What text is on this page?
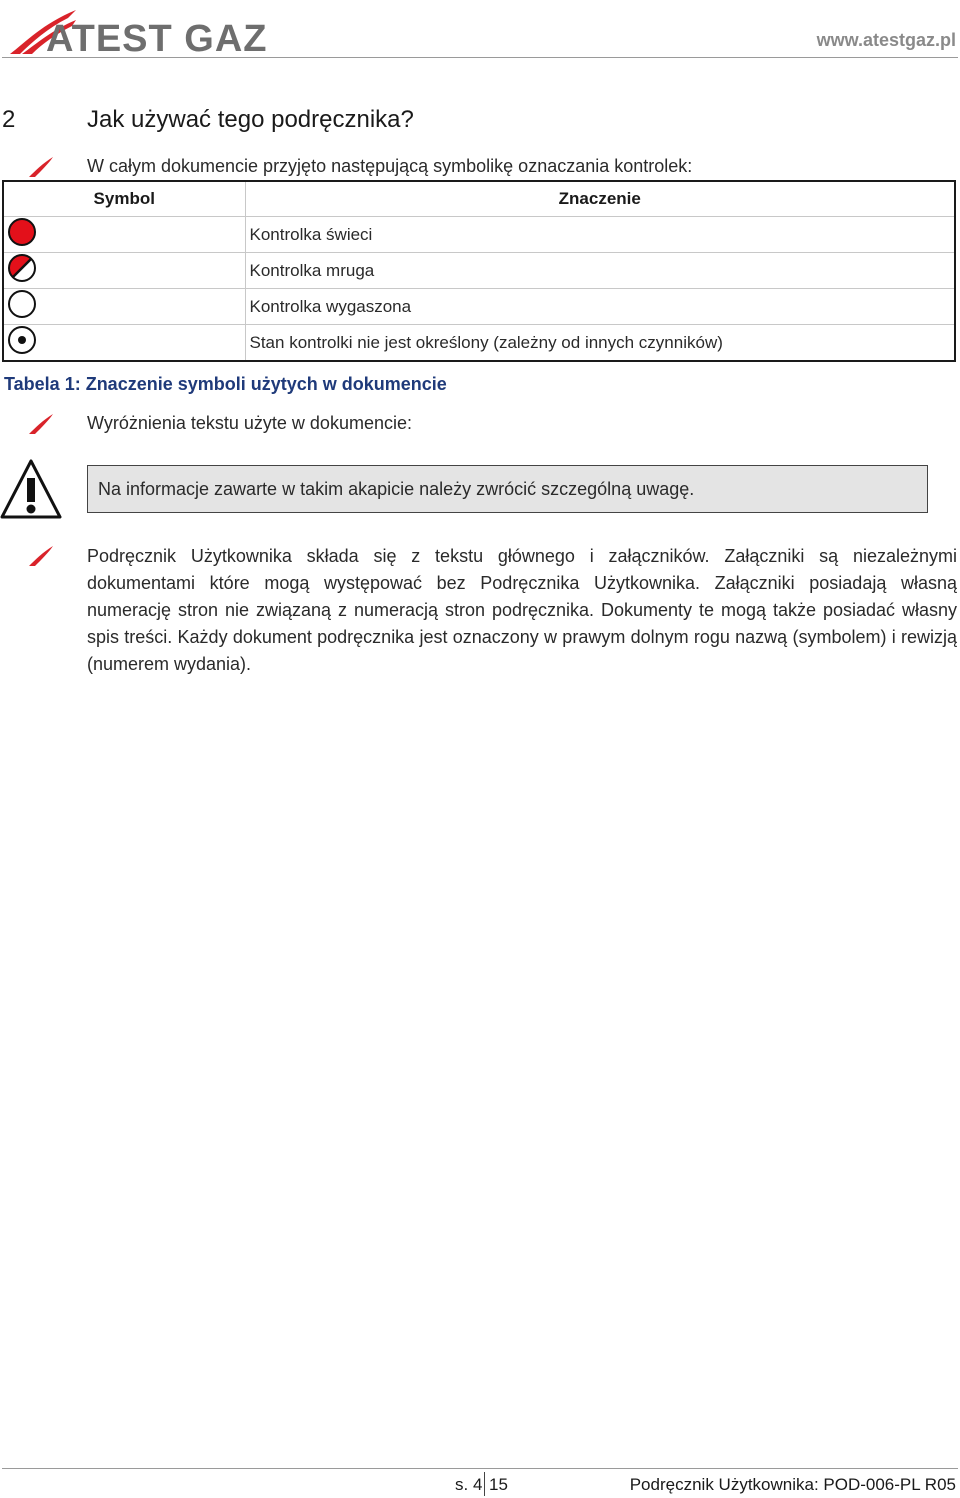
ATEST GAZ	www.atestgaz.pl
2	Jak używać tego podręcznika?
W całym dokumencie przyjęto następującą symbolikę oznaczania kontrolek:
Symbol	Znaczenie
	Kontrolka świeci
	Kontrolka mruga
	Kontrolka wygaszona
	Stan kontrolki nie jest określony (zależny od innych czynników)
Tabela 1: Znaczenie symboli użytych w dokumencie
Wyróżnienia tekstu użyte w dokumencie:
Na informacje zawarte w takim akapicie należy zwrócić szczególną uwagę.
Podręcznik Użytkownika składa się z tekstu głównego i załączników. Załączniki są niezależnymi dokumentami które mogą występować bez Podręcznika Użytkownika. Załączniki posiadają własną numerację stron nie związaną z numeracją stron podręcznika. Dokumenty te mogą także posiadać własny spis treści. Każdy dokument podręcznika jest oznaczony w prawym dolnym rogu nazwą (symbolem) i rewizją (numerem wydania).
s. 4 15	Podręcznik Użytkownika: POD-006-PL R05
